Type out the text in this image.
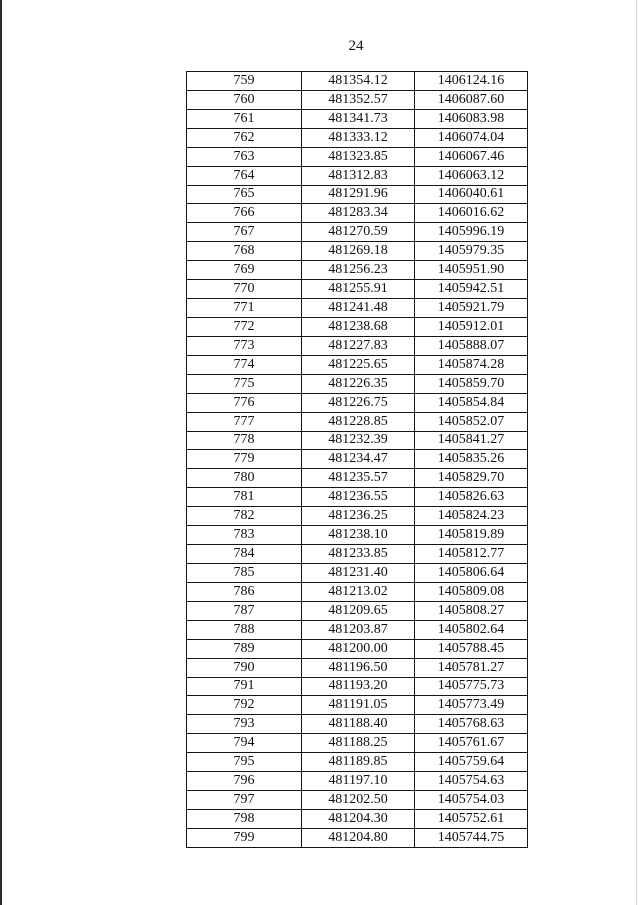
24
759	481354.12	1406124.16
760	481352.57	1406087.60
761	481341.73	1406083.98
762	481333.12	1406074.04
763	481323.85	1406067.46
764	481312.83	1406063.12
765	481291.96	1406040.61
766	481283.34	1406016.62
767	481270.59	1405996.19
768	481269.18	1405979.35
769	481256.23	1405951.90
770	481255.91	1405942.51
771	481241.48	1405921.79
772	481238.68	1405912.01
773	481227.83	1405888.07
774	481225.65	1405874.28
775	481226.35	1405859.70
776	481226.75	1405854.84
777	481228.85	1405852.07
778	481232.39	1405841.27
779	481234.47	1405835.26
780	481235.57	1405829.70
781	481236.55	1405826.63
782	481236.25	1405824.23
783	481238.10	1405819.89
784	481233.85	1405812.77
785	481231.40	1405806.64
786	481213.02	1405809.08
787	481209.65	1405808.27
788	481203.87	1405802.64
789	481200.00	1405788.45
790	481196.50	1405781.27
791	481193.20	1405775.73
792	481191.05	1405773.49
793	481188.40	1405768.63
794	481188.25	1405761.67
795	481189.85	1405759.64
796	481197.10	1405754.63
797	481202.50	1405754.03
798	481204.30	1405752.61
799	481204.80	1405744.75
